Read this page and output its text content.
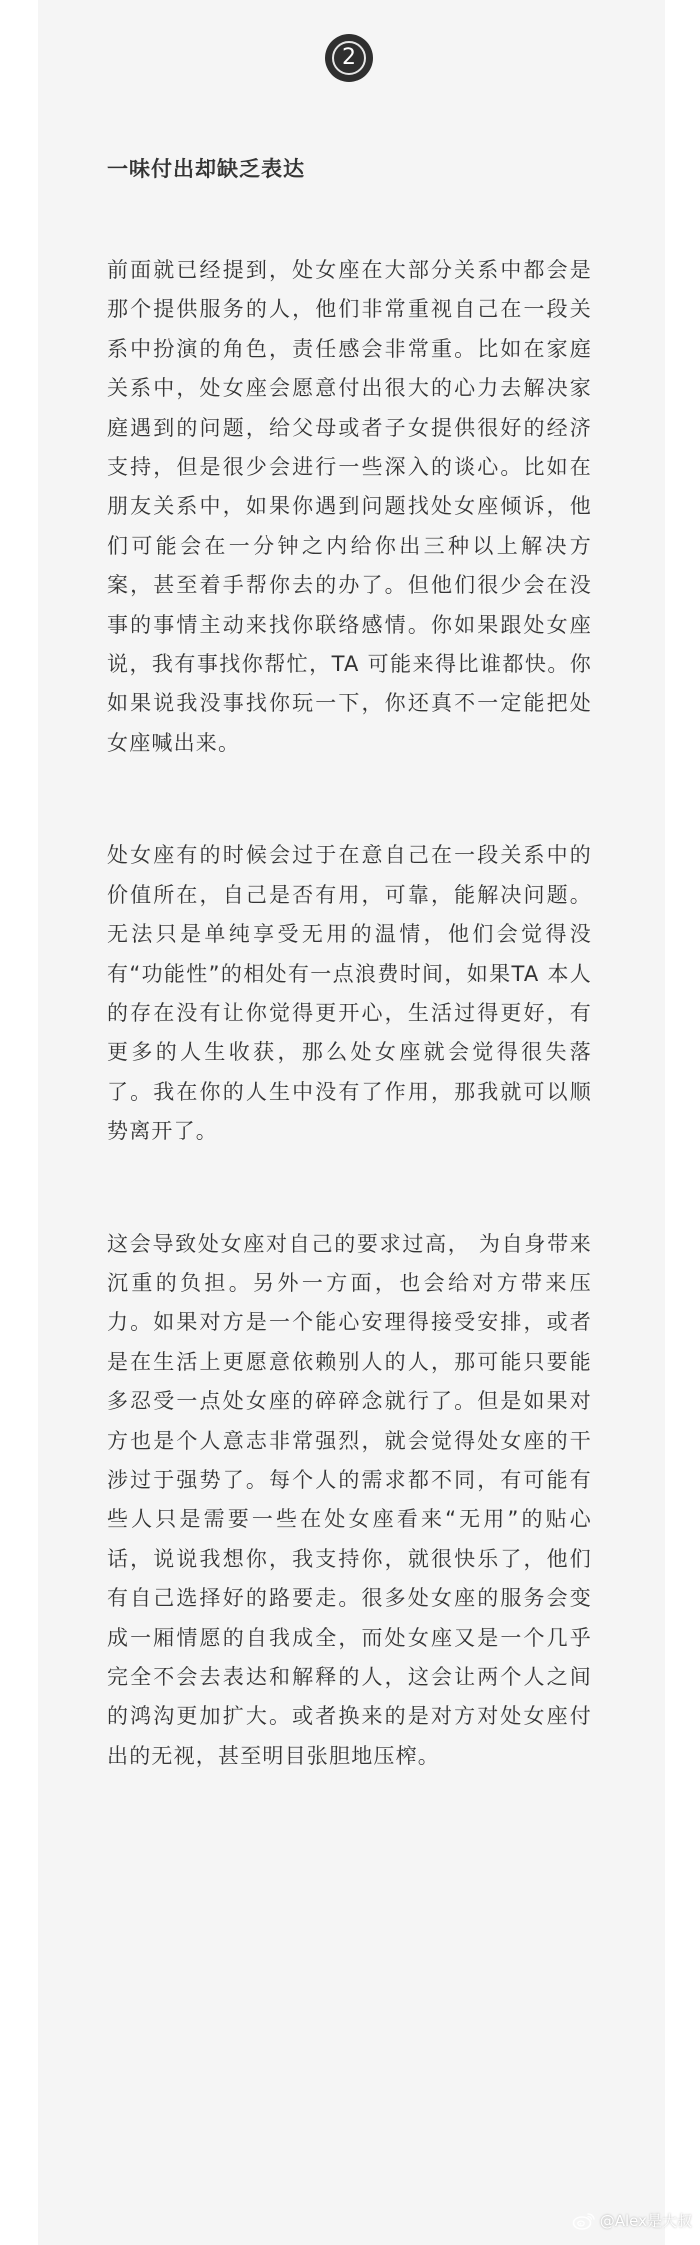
2
一味付出却缺乏表达

前面就已经提到，处女座在大部分关系中都会是那个提供服务的人，他们非常重视自己在一段关系中扮演的角色，责任感会非常重。比如在家庭关系中，处女座会愿意付出很大的心力去解决家庭遇到的问题，给父母或者子女提供很好的经济支持，但是很少会进行一些深入的谈心。比如在朋友关系中，如果你遇到问题找处女座倾诉，他们可能会在一分钟之内给你出三种以上解决方案，甚至着手帮你去的办了。但他们很少会在没事的事情主动来找你联络感情。你如果跟处女座说，我有事找你帮忙，TA 可能来得比谁都快。你如果说我没事找你玩一下，你还真不一定能把处女座喊出来。

处女座有的时候会过于在意自己在一段关系中的价值所在，自己是否有用，可靠，能解决问题。无法只是单纯享受无用的温情，他们会觉得没有“功能性”的相处有一点浪费时间，如果TA 本人的存在没有让你觉得更开心，生活过得更好，有更多的人生收获，那么处女座就会觉得很失落了。我在你的人生中没有了作用，那我就可以顺势离开了。

这会导致处女座对自己的要求过高， 为自身带来沉重的负担。另外一方面，也会给对方带来压力。如果对方是一个能心安理得接受安排，或者是在生活上更愿意依赖别人的人，那可能只要能多忍受一点处女座的碎碎念就行了。但是如果对方也是个人意志非常强烈，就会觉得处女座的干涉过于强势了。每个人的需求都不同，有可能有些人只是需要一些在处女座看来“无用”的贴心话，说说我想你，我支持你，就很快乐了，他们有自己选择好的路要走。很多处女座的服务会变成一厢情愿的自我成全，而处女座又是一个几乎完全不会去表达和解释的人，这会让两个人之间的鸿沟更加扩大。或者换来的是对方对处女座付出的无视，甚至明目张胆地压榨。

@Alex是大叔
